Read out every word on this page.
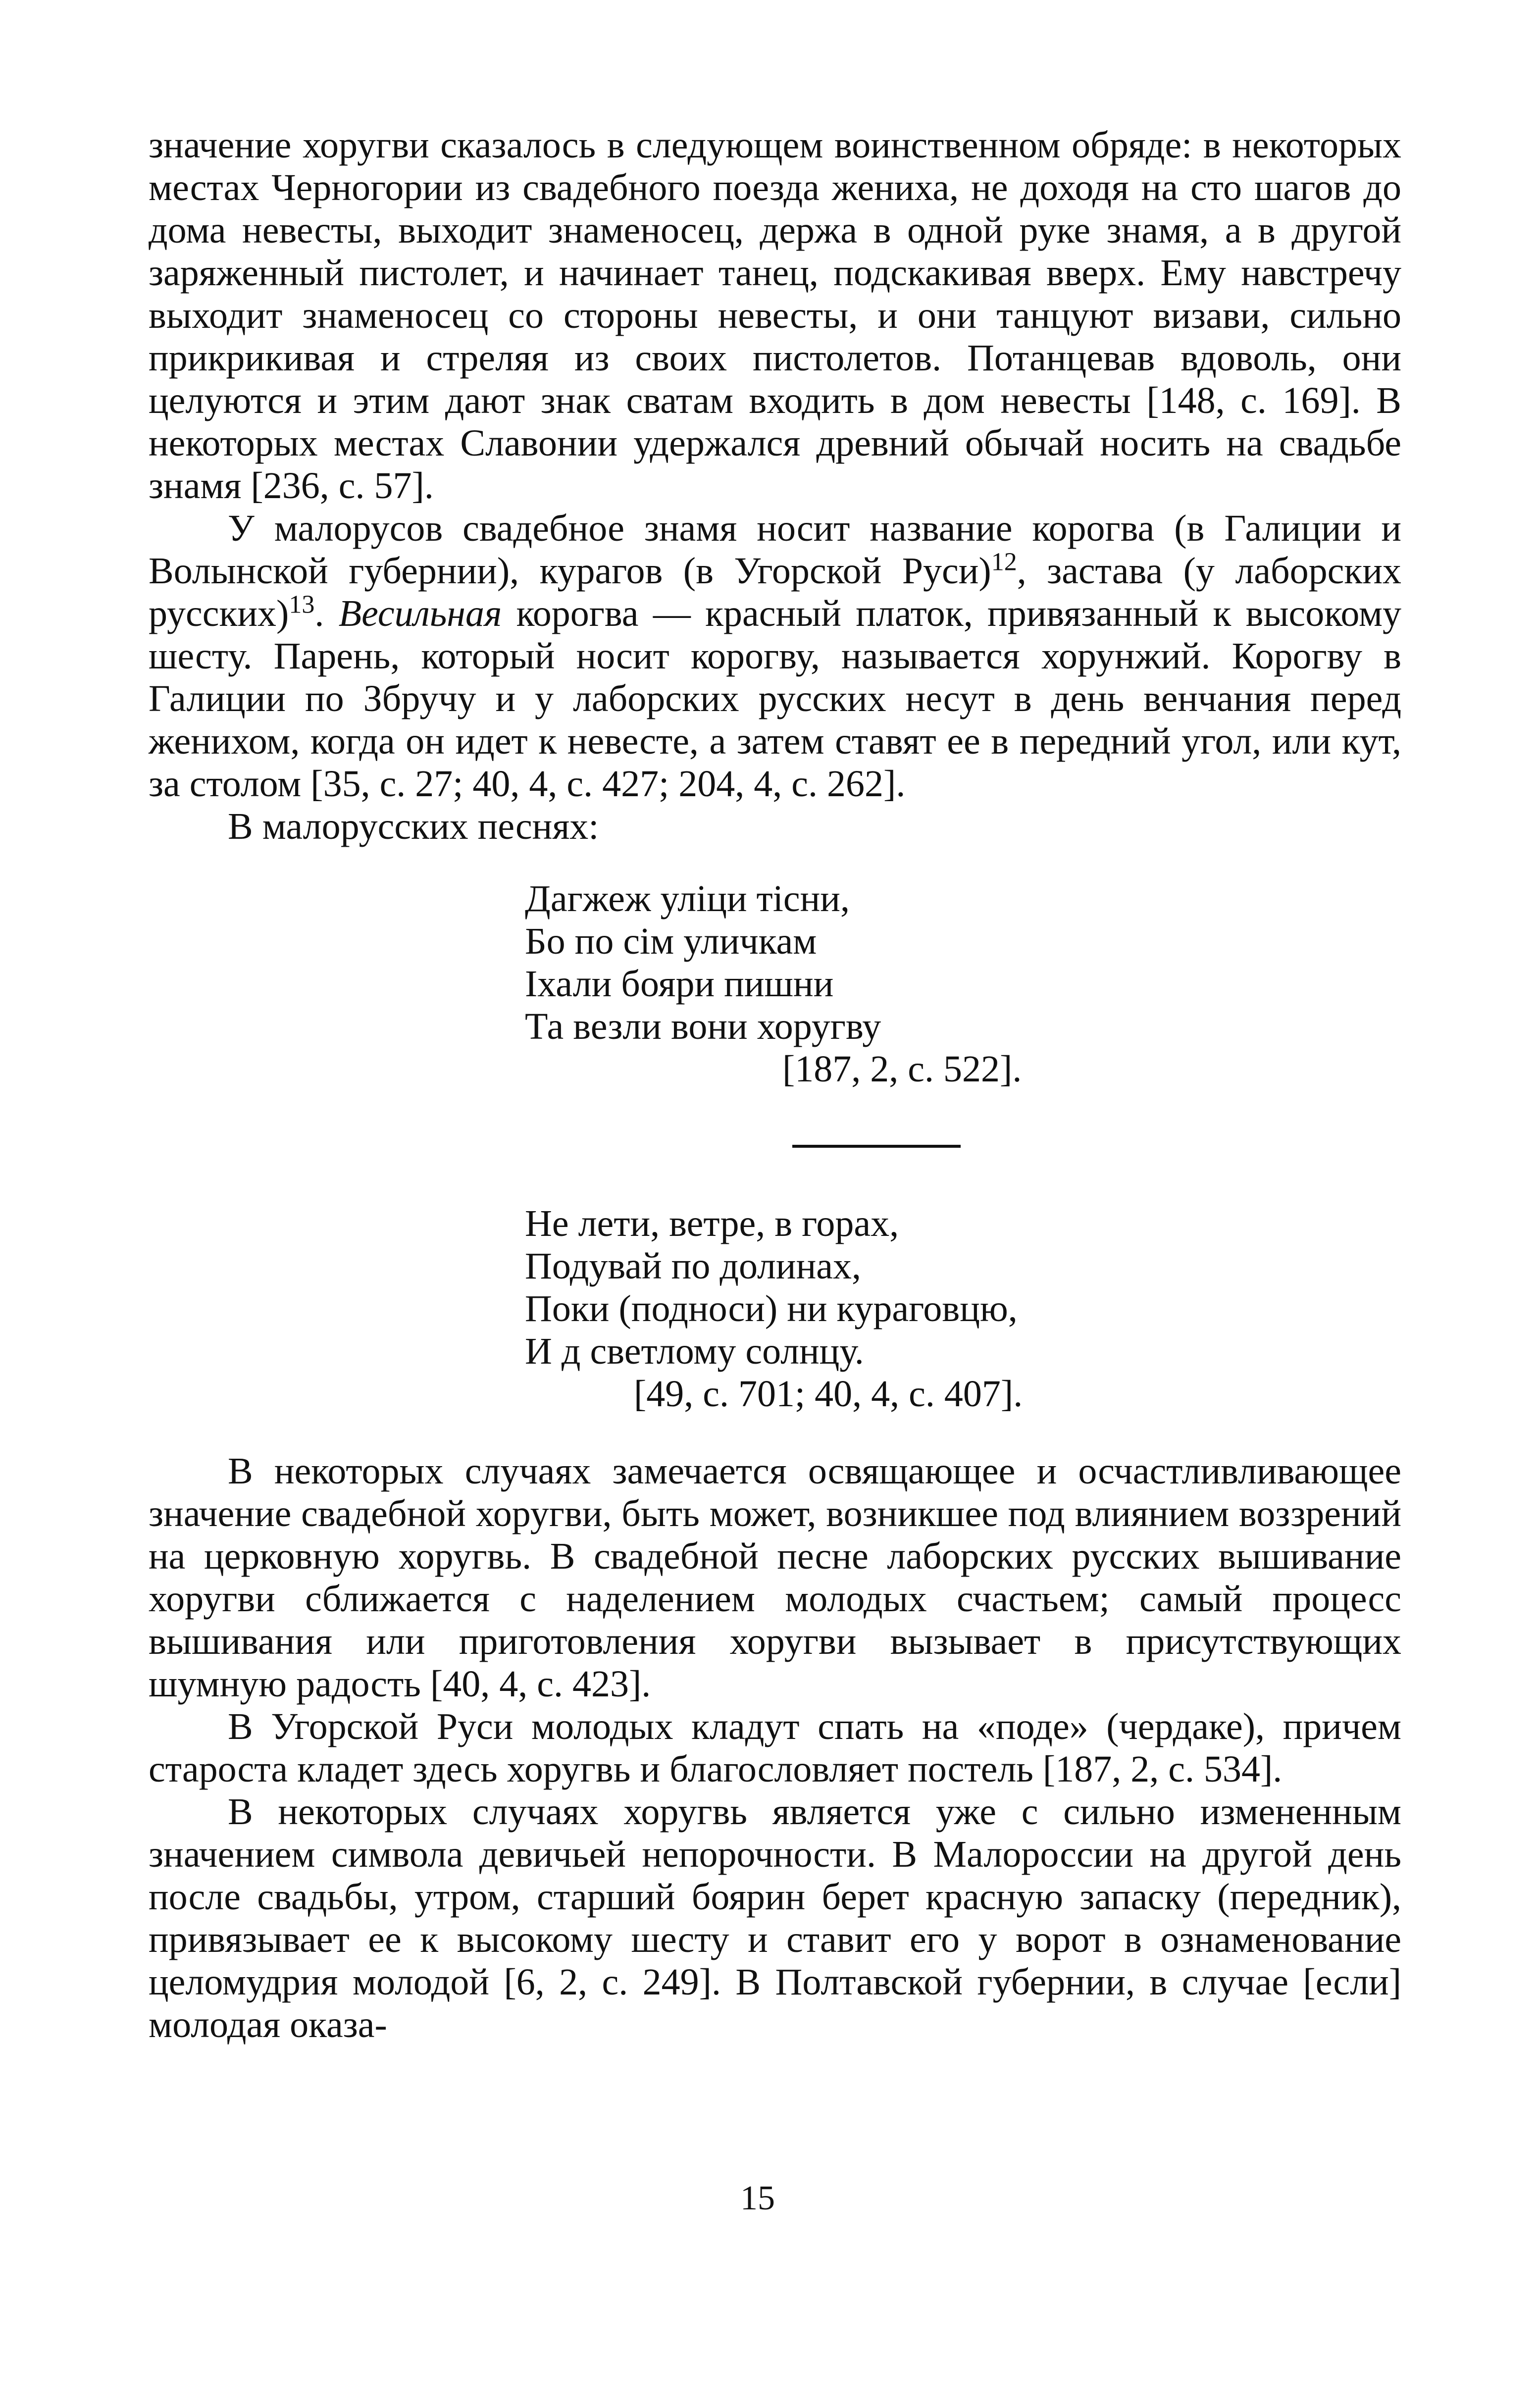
значение хоругви сказалось в следующем воинственном обряде: в некоторых местах Черногории из свадебного поезда жениха, не доходя на сто шагов до дома невесты, выходит знаменосец, держа в одной руке знамя, а в другой заряженный пистолет, и начинает танец, подскакивая вверх. Ему навстречу выходит знаменосец со стороны невесты, и они танцуют визави, сильно прикрикивая и стреляя из своих пистолетов. Потанцевав вдоволь, они целуются и этим дают знак сватам входить в дом невесты [148, с. 169]. В некоторых местах Славонии удержался древний обычай носить на свадьбе знамя [236, с. 57].

У малорусов свадебное знамя носит название корогва (в Галиции и Волынской губернии), курагов (в Угорской Руси)$^{12}$, застава (у лаборских русских)$^{13}$. Весильная корогва — красный платок, привязанный к высокому шесту. Парень, который носит корогву, называется хорунжий. Корогву в Галиции по Збручу и у лаборских русских несут в день венчания перед женихом, когда он идет к невесте, а затем ставят ее в передний угол, или кут, за столом [35, с. 27; 40, 4, с. 427; 204, 4, с. 262].

В малорусских песнях:

Дагжеж уліци тісни,
Бо по сім уличкам
Іхали бояри пишни
Та везли вони хоругву
[187, 2, с. 522].
Не лети, ветре, в горах,
Подувай по долинах,
Поки (подноси) ни кураговцю,
И д светлому солнцу.
[49, с. 701; 40, 4, с. 407].

В некоторых случаях замечается освящающее и осчастливливающее значение свадебной хоругви, быть может, возникшее под влиянием воззрений на церковную хоругвь. В свадебной песне лаборских русских вышивание хоругви сближается с наделением молодых счастьем; самый процесс вышивания или приготовления хоругви вызывает в присутствующих шумную радость [40, 4, с. 423].

В Угорской Руси молодых кладут спать на «поде» (чердаке), причем староста кладет здесь хоругвь и благословляет постель [187, 2, с. 534].

В некоторых случаях хоругвь является уже с сильно измененным значением символа девичьей непорочности. В Малороссии на другой день после свадьбы, утром, старший боярин берет красную запаску (передник), привязывает ее к высокому шесту и ставит его у ворот в ознаменование целомудрия молодой [6, 2, с. 249]. В Полтавской губернии, в случае [если] молодая оказа-

15
